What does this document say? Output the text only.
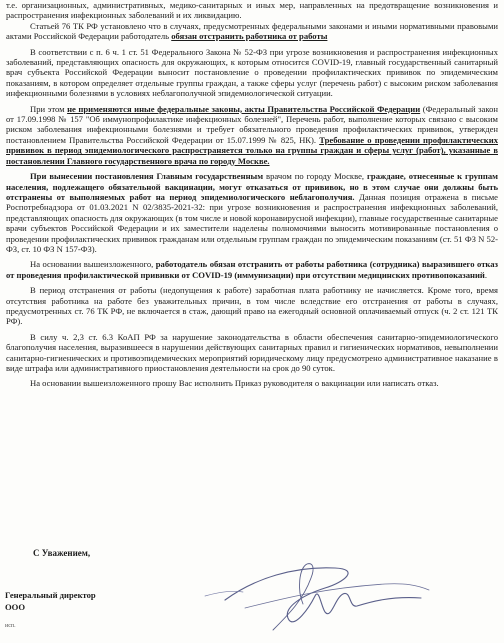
т.е. организационных, административных, медико-санитарных и иных мер, направленных на предотвращение возникновения и распространения инфекционных заболеваний и их ликвидацию.

Статьей 76 ТК РФ установлено что в случаях, предусмотренных федеральными законами и иными нормативными правовыми актами Российской Федерации работодатель обязан отстранить работника от работы

В соответствии с п. 6 ч. 1 ст. 51 Федерального Закона № 52-ФЗ при угрозе возникновения и распространения инфекционных заболеваний, представляющих опасность для окружающих, к которым относится COVID-19, главный государственный санитарный врач субъекта Российской Федерации выносит постановление о проведении профилактических прививок по эпидемическим показаниям, в котором определяет отдельные группы граждан, а также сферы услуг (перечень работ) с высоким риском заболевания инфекционными болезнями в условиях неблагополучной эпидемиологической ситуации.

При этом не применяются иные федеральные законы, акты Правительства Российской Федерации (Федеральный закон от 17.09.1998 № 157 "Об иммунопрофилактике инфекционных болезней", Перечень работ, выполнение которых связано с высоким риском заболевания инфекционными болезнями и требует обязательного проведения профилактических прививок, утвержден постановлением Правительства Российской Федерации от 15.07.1999 № 825, НК). Требование о проведении профилактических прививок в период эпидемиологического распространяется только на группы граждан и сферы услуг (работ), указанные в постановлении Главного государственного врача по городу Москве.

При вынесении постановления Главным государственным врачом по городу Москве, граждане, отнесенные к группам населения, подлежащего обязательной вакцинации, могут отказаться от прививок, но в этом случае они должны быть отстранены от выполняемых работ на период эпидемиологического неблагополучия. Данная позиция отражена в письме Роспотребнадзора от 01.03.2021 N 02/3835-2021-32: при угрозе возникновения и распространения инфекционных заболеваний, представляющих опасность для окружающих (в том числе и новой коронавирусной инфекции), главные государственные санитарные врачи субъектов Российской Федерации и их заместители наделены полномочиями выносить мотивированные постановления о проведении профилактических прививок гражданам или отдельным группам граждан по эпидемическим показаниям (ст. 51 ФЗ N 52-ФЗ, ст. 10 ФЗ N 157-ФЗ).

На основании вышеизложенного, работодатель обязан отстранить от работы работника (сотрудника) выразившего отказ от проведения профилактической прививки от COVID-19 (иммунизации) при отсутствии медицинских противопоказаний.

В период отстранения от работы (недопущения к работе) заработная плата работнику не начисляется. Кроме того, время отсутствия работника на работе без уважительных причин, в том числе вследствие его отстранения от работы в случаях, предусмотренных ст. 76 ТК РФ, не включается в стаж, дающий право на ежегодный основной оплачиваемый отпуск (ч. 2 ст. 121 ТК РФ).

В силу ч. 2,3 ст. 6.3 КоАП РФ за нарушение законодательства в области обеспечения санитарно-эпидемиологического благополучия населения, выразившееся в нарушении действующих санитарных правил и гигиенических нормативов, невыполнении санитарно-гигиенических и противоэпидемических мероприятий юридическому лицу предусмотрено административное наказание в виде штрафа или административного приостановления деятельности на срок до 90 суток.

На основании вышеизложенного прошу Вас исполнить Приказ руководителя о вакцинации или написать отказ.

С Уважением,
Генеральный директор
ООО
исп.
